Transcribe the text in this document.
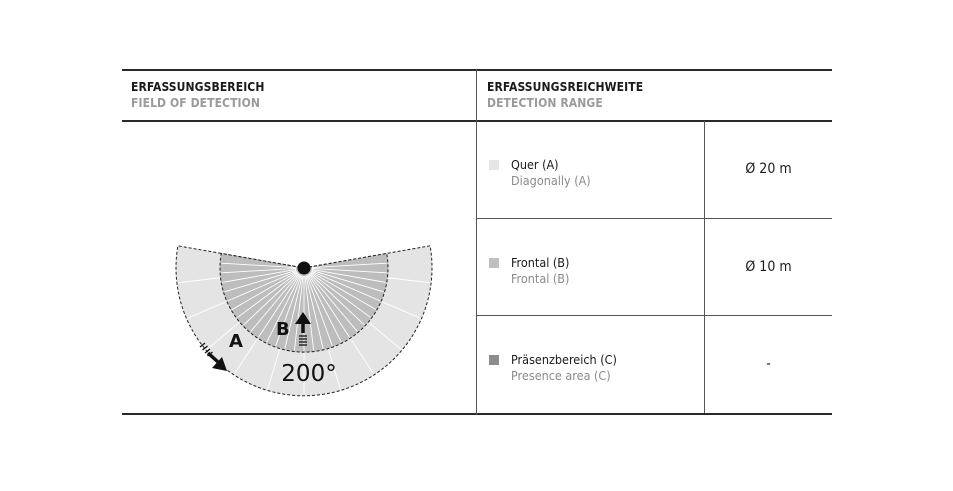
ERFASSUNGSBEREICH
FIELD OF DETECTION
ERFASSUNGSREICHWEITE
DETECTION RANGE
Quer (A)
Diagonally (A)
Ø 20 m
Frontal (B)
Frontal (B)
Ø 10 m
Präsenzbereich (C)
Presence area (C)
-
A
B
200°
